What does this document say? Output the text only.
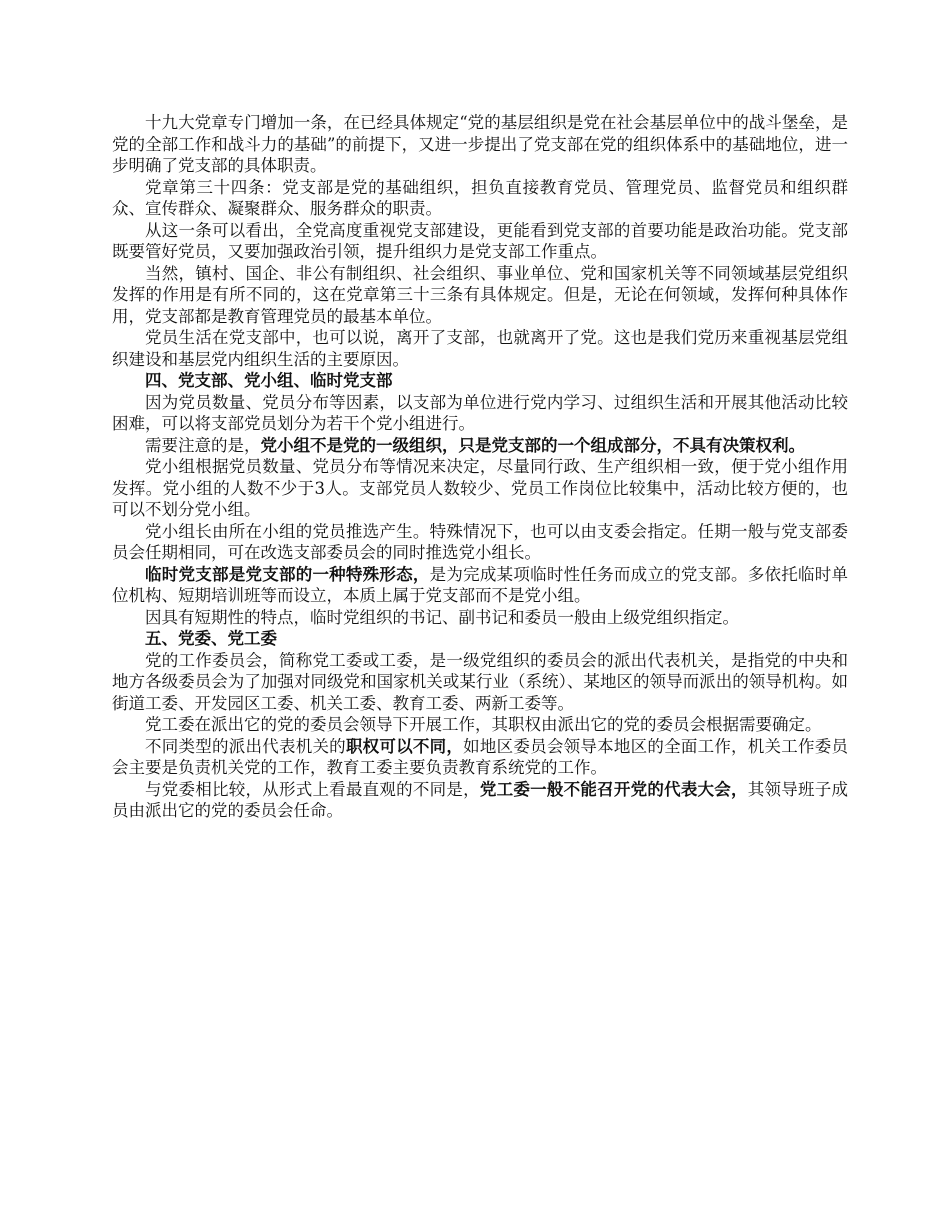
十九大党章专门增加一条，在已经具体规定“党的基层组织是党在社会基层单位中的战斗堡垒，是党的全部工作和战斗力的基础”的前提下，又进一步提出了党支部在党的组织体系中的基础地位，进一步明确了党支部的具体职责。

党章第三十四条：党支部是党的基础组织，担负直接教育党员、管理党员、监督党员和组织群众、宣传群众、凝聚群众、服务群众的职责。

从这一条可以看出，全党高度重视党支部建设，更能看到党支部的首要功能是政治功能。党支部既要管好党员，又要加强政治引领，提升组织力是党支部工作重点。

当然，镇村、国企、非公有制组织、社会组织、事业单位、党和国家机关等不同领域基层党组织发挥的作用是有所不同的，这在党章第三十三条有具体规定。但是，无论在何领域，发挥何种具体作用，党支部都是教育管理党员的最基本单位。

党员生活在党支部中，也可以说，离开了支部，也就离开了党。这也是我们党历来重视基层党组织建设和基层党内组织生活的主要原因。

四、党支部、党小组、临时党支部

因为党员数量、党员分布等因素，以支部为单位进行党内学习、过组织生活和开展其他活动比较困难，可以将支部党员划分为若干个党小组进行。

需要注意的是，党小组不是党的一级组织，只是党支部的一个组成部分，不具有决策权利。

党小组根据党员数量、党员分布等情况来决定，尽量同行政、生产组织相一致，便于党小组作用发挥。党小组的人数不少于3人。支部党员人数较少、党员工作岗位比较集中，活动比较方便的，也可以不划分党小组。

党小组长由所在小组的党员推选产生。特殊情况下，也可以由支委会指定。任期一般与党支部委员会任期相同，可在改选支部委员会的同时推选党小组长。

临时党支部是党支部的一种特殊形态，是为完成某项临时性任务而成立的党支部。多依托临时单位机构、短期培训班等而设立，本质上属于党支部而不是党小组。

因具有短期性的特点，临时党组织的书记、副书记和委员一般由上级党组织指定。

五、党委、党工委

党的工作委员会，简称党工委或工委，是一级党组织的委员会的派出代表机关，是指党的中央和地方各级委员会为了加强对同级党和国家机关或某行业（系统）、某地区的领导而派出的领导机构。如街道工委、开发园区工委、机关工委、教育工委、两新工委等。

党工委在派出它的党的委员会领导下开展工作，其职权由派出它的党的委员会根据需要确定。

不同类型的派出代表机关的职权可以不同，如地区委员会领导本地区的全面工作，机关工作委员会主要是负责机关党的工作，教育工委主要负责教育系统党的工作。

与党委相比较，从形式上看最直观的不同是，党工委一般不能召开党的代表大会，其领导班子成员由派出它的党的委员会任命。
